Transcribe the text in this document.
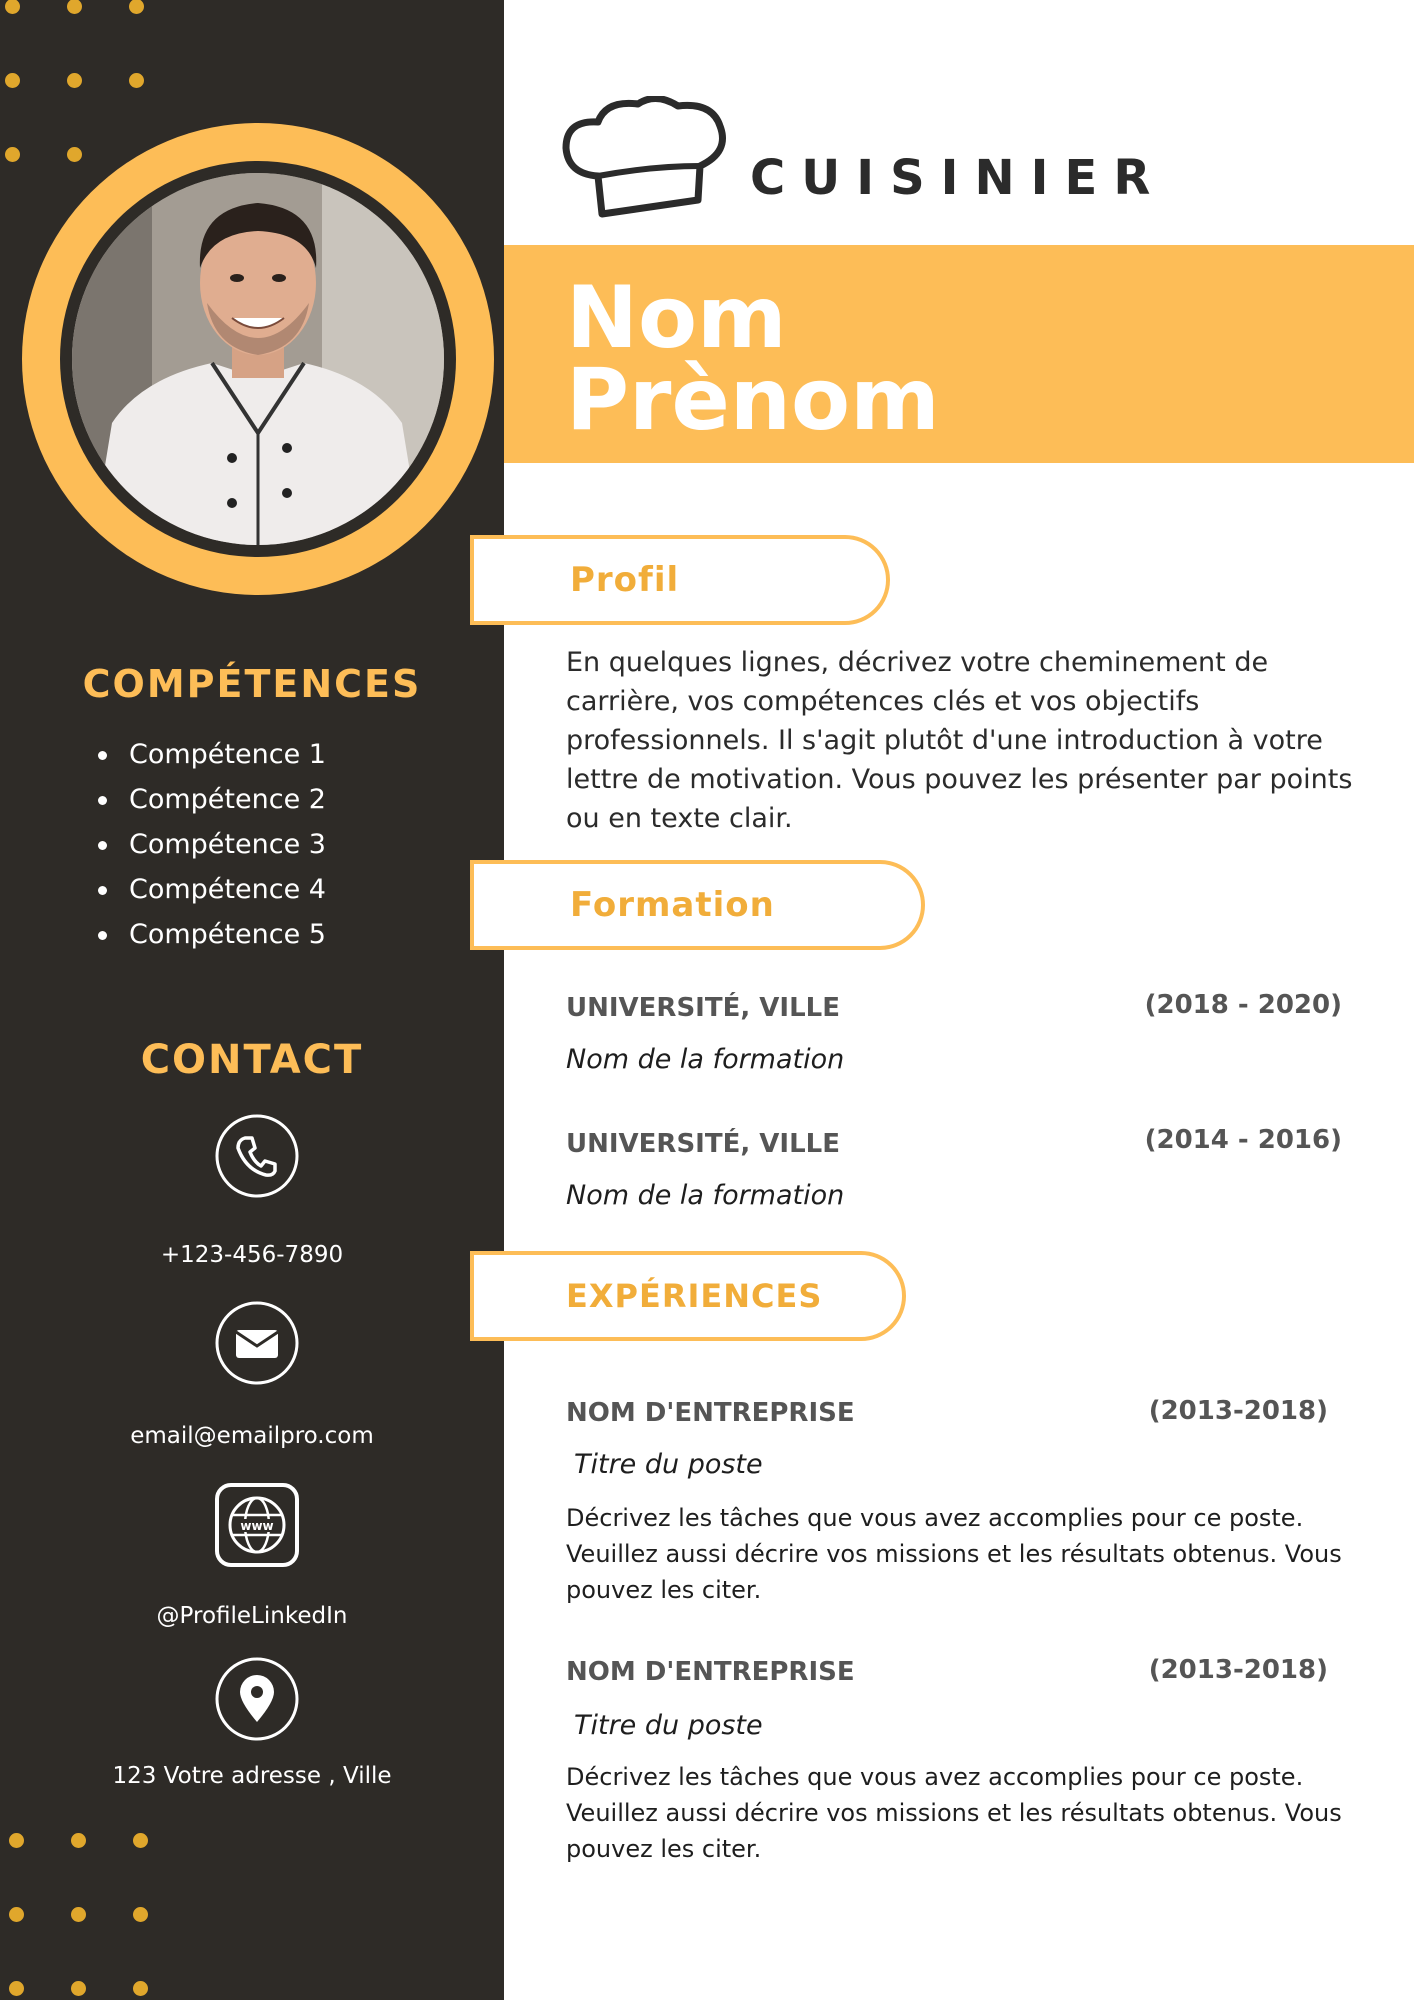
COMPÉTENCES
Compétence 1
Compétence 2
Compétence 3
Compétence 4
Compétence 5
CONTACT
+123-456-7890
email@emailpro.com
www
@ProfileLinkedIn
123 Votre adresse , Ville
CUISINIER
Nom
Prènom
Profil
En quelques lignes, décrivez votre cheminement de carrière, vos compétences clés et vos objectifs professionnels. Il s'agit plutôt d'une introduction à votre lettre de motivation. Vous pouvez les présenter par points ou en texte clair.
Formation
UNIVERSITÉ, VILLE	(2018 - 2020)
Nom de la formation
UNIVERSITÉ, VILLE	(2014 - 2016)
Nom de la formation
EXPÉRIENCES
NOM D'ENTREPRISE	(2013-2018)
Titre du poste
Décrivez les tâches que vous avez accomplies pour ce poste. Veuillez aussi décrire vos missions et les résultats obtenus. Vous pouvez les citer.
NOM D'ENTREPRISE	(2013-2018)
Titre du poste
Décrivez les tâches que vous avez accomplies pour ce poste. Veuillez aussi décrire vos missions et les résultats obtenus. Vous pouvez les citer.
